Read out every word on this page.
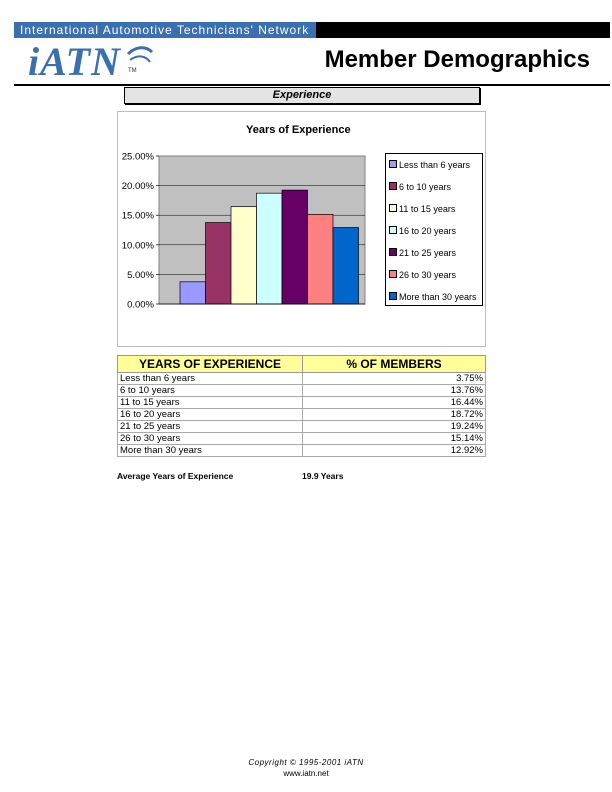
International Automotive Technicians' Network
iATN TM	Member Demographics
Experience
0.00%
5.00%
10.00%
15.00%
20.00%
25.00%
Years of Experience
Less than 6 years
6 to 10 years
11 to 15 years
16 to 20 years
21 to 25 years
26 to 30 years
More than 30 years
YEARS OF EXPERIENCE	% OF MEMBERS
Less than 6 years	3.75%
6 to 10 years	13.76%
11 to 15 years	16.44%
16 to 20 years	18.72%
21 to 25 years	19.24%
26 to 30 years	15.14%
More than 30 years	12.92%
Average Years of Experience	19.9 Years
Copyright © 1995-2001 iATN
www.iatn.net
